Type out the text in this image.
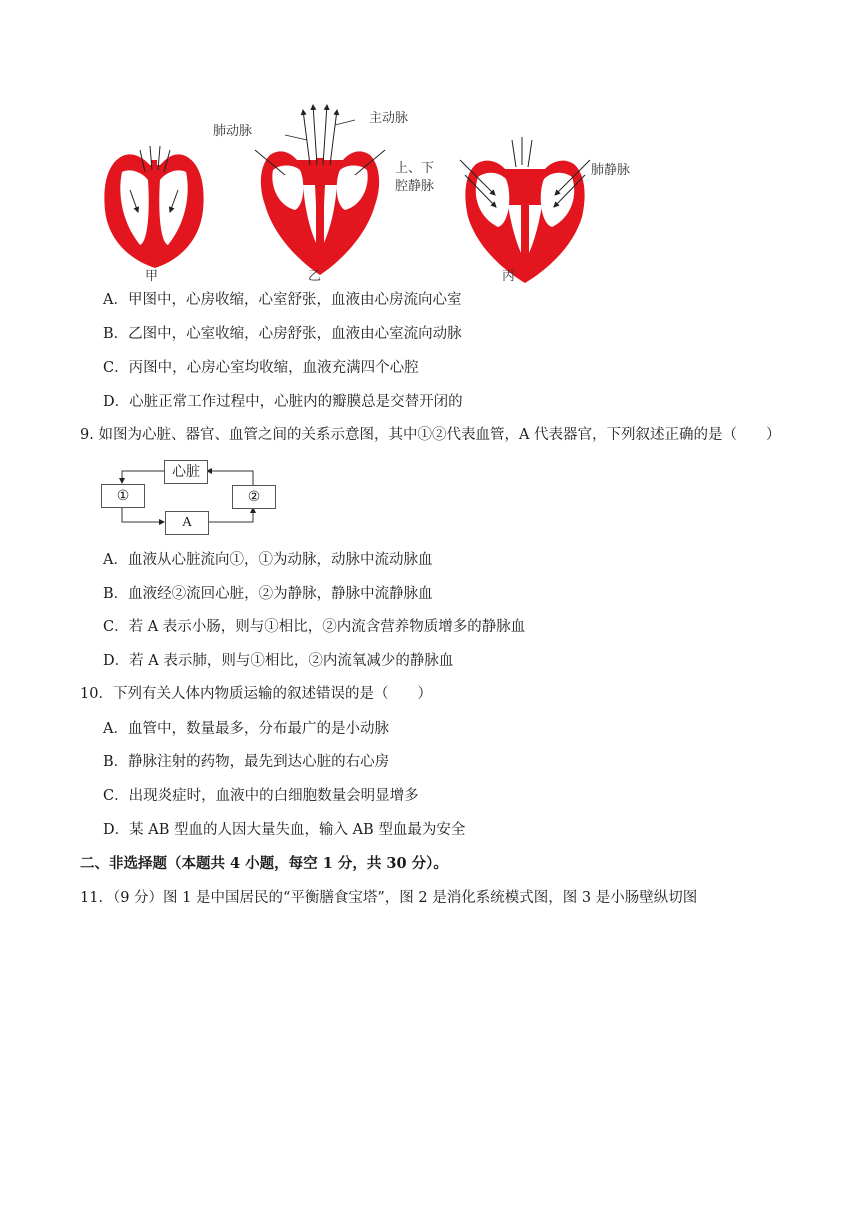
甲	乙	丙
肺动脉
主动脉
上、下
腔静脉
肺静脉
A．甲图中，心房收缩，心室舒张，血液由心房流向心室
B．乙图中，心室收缩，心房舒张，血液由心室流向动脉
C．丙图中，心房心室均收缩，血液充满四个心腔
D．心脏正常工作过程中，心脏内的瓣膜总是交替开闭的
9. 如图为心脏、器官、血管之间的关系示意图，其中①②代表血管，A 代表器官，下列叙述正确的是（　　）
心脏
①	②
A
A．血液从心脏流向①，①为动脉，动脉中流动脉血
B．血液经②流回心脏，②为静脉，静脉中流静脉血
C．若 A 表示小肠，则与①相比，②内流含营养物质增多的静脉血
D．若 A 表示肺，则与①相比，②内流氧减少的静脉血
10．下列有关人体内物质运输的叙述错误的是（　　）
A．血管中，数量最多，分布最广的是小动脉
B．静脉注射的药物，最先到达心脏的右心房
C．出现炎症时，血液中的白细胞数量会明显增多
D．某 AB 型血的人因大量失血，输入 AB 型血最为安全
二、非选择题（本题共 4 小题，每空 1 分，共 30 分）。
11．（9 分）图 1 是中国居民的“平衡膳食宝塔”，图 2 是消化系统模式图，图 3 是小肠壁纵切图
